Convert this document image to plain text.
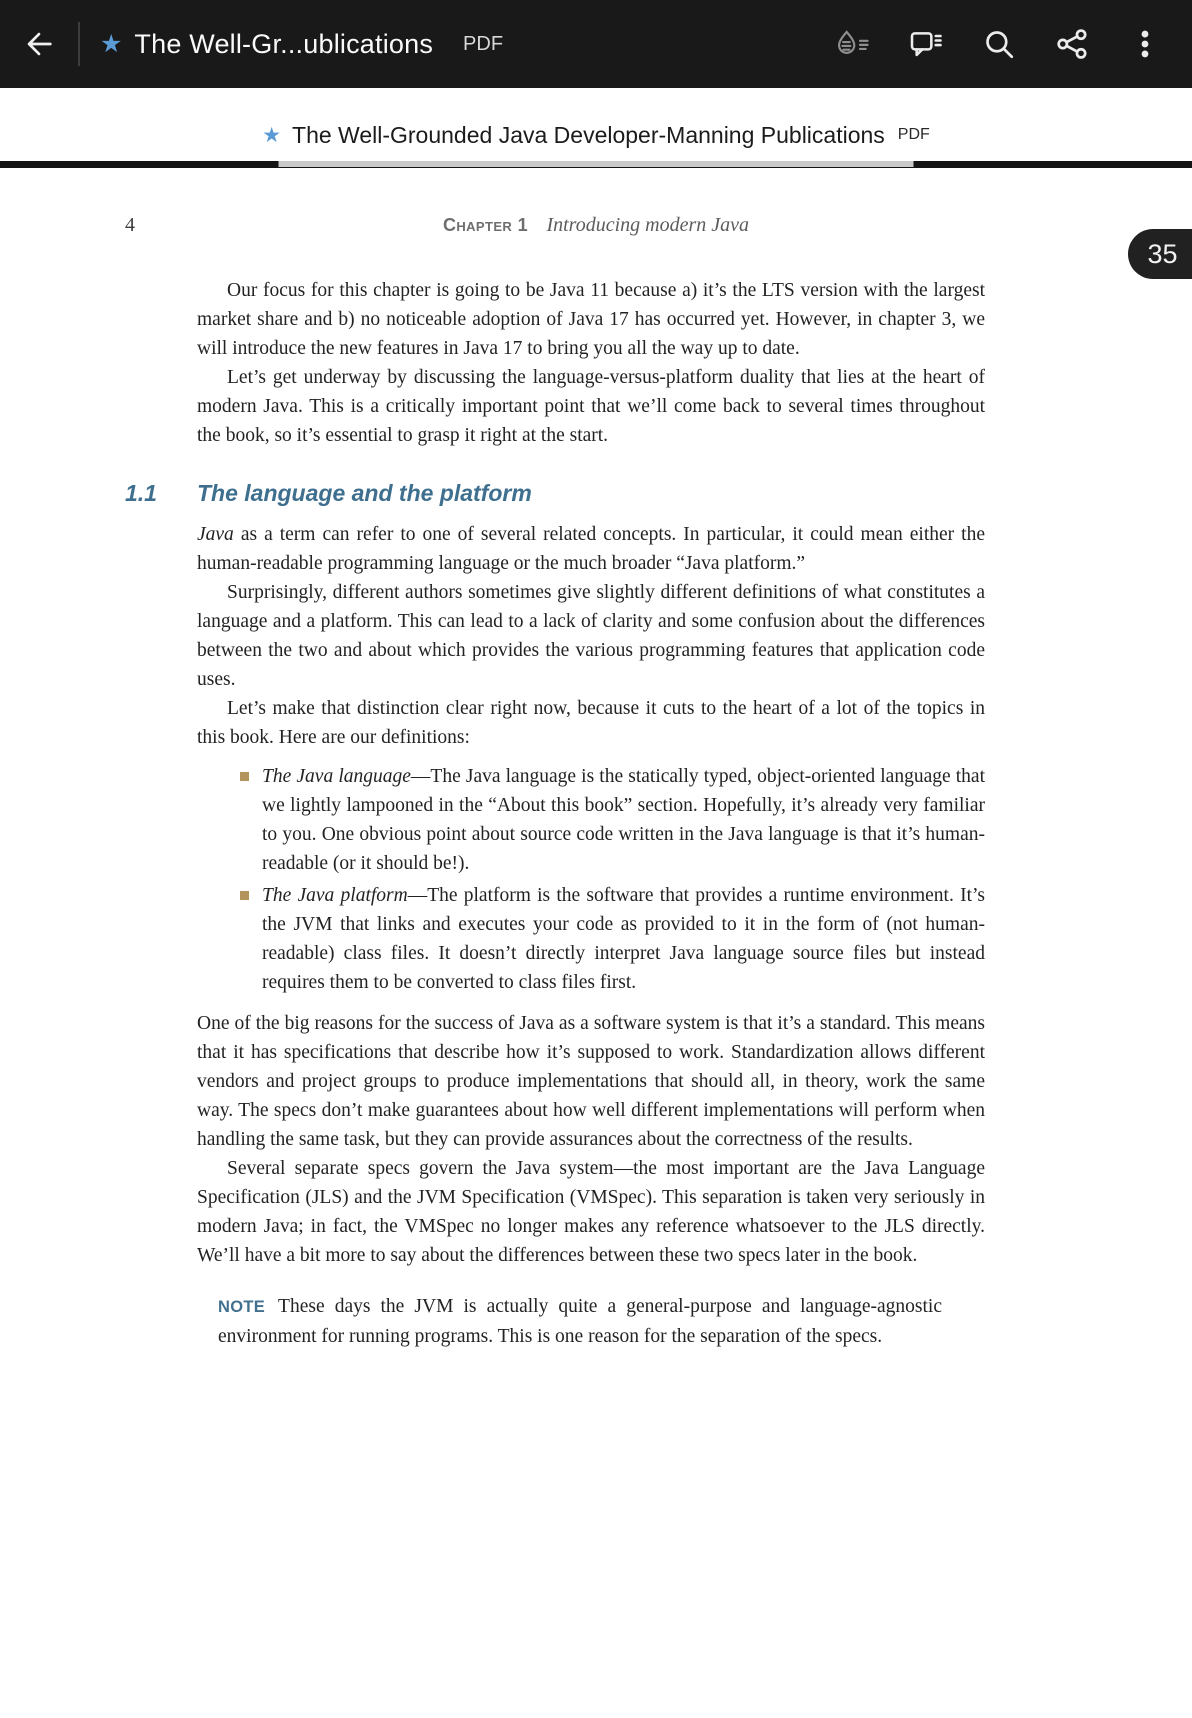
★ The Well-Gr...ublications PDF
★ The Well-Grounded Java Developer-Manning Publications PDF
35
4	Chapter 1 Introducing modern Java

Our focus for this chapter is going to be Java 11 because a) it’s the LTS version with the largest market share and b) no noticeable adoption of Java 17 has occurred yet. However, in chapter 3, we will introduce the new features in Java 17 to bring you all the way up to date.

Let’s get underway by discussing the language-versus-platform duality that lies at the heart of modern Java. This is a critically important point that we’ll come back to several times throughout the book, so it’s essential to grasp it right at the start.

1.1	The language and the platform

Java as a term can refer to one of several related concepts. In particular, it could mean either the human-readable programming language or the much broader “Java platform.”

Surprisingly, different authors sometimes give slightly different definitions of what constitutes a language and a platform. This can lead to a lack of clarity and some confusion about the differences between the two and about which provides the various programming features that application code uses.

Let’s make that distinction clear right now, because it cuts to the heart of a lot of the topics in this book. Here are our definitions:

The Java language—The Java language is the statically typed, object-oriented language that we lightly lampooned in the “About this book” section. Hopefully, it’s already very familiar to you. One obvious point about source code written in the Java language is that it’s human-readable (or it should be!).
The Java platform—The platform is the software that provides a runtime environment. It’s the JVM that links and executes your code as provided to it in the form of (not human-readable) class files. It doesn’t directly interpret Java language source files but instead requires them to be converted to class files first.

One of the big reasons for the success of Java as a software system is that it’s a standard. This means that it has specifications that describe how it’s supposed to work. Standardization allows different vendors and project groups to produce implementations that should all, in theory, work the same way. The specs don’t make guarantees about how well different implementations will perform when handling the same task, but they can provide assurances about the correctness of the results.

Several separate specs govern the Java system—the most important are the Java Language Specification (JLS) and the JVM Specification (VMSpec). This separation is taken very seriously in modern Java; in fact, the VMSpec no longer makes any reference whatsoever to the JLS directly. We’ll have a bit more to say about the differences between these two specs later in the book.

NOTE These days the JVM is actually quite a general-purpose and language-agnostic environment for running programs. This is one reason for the separation of the specs.
